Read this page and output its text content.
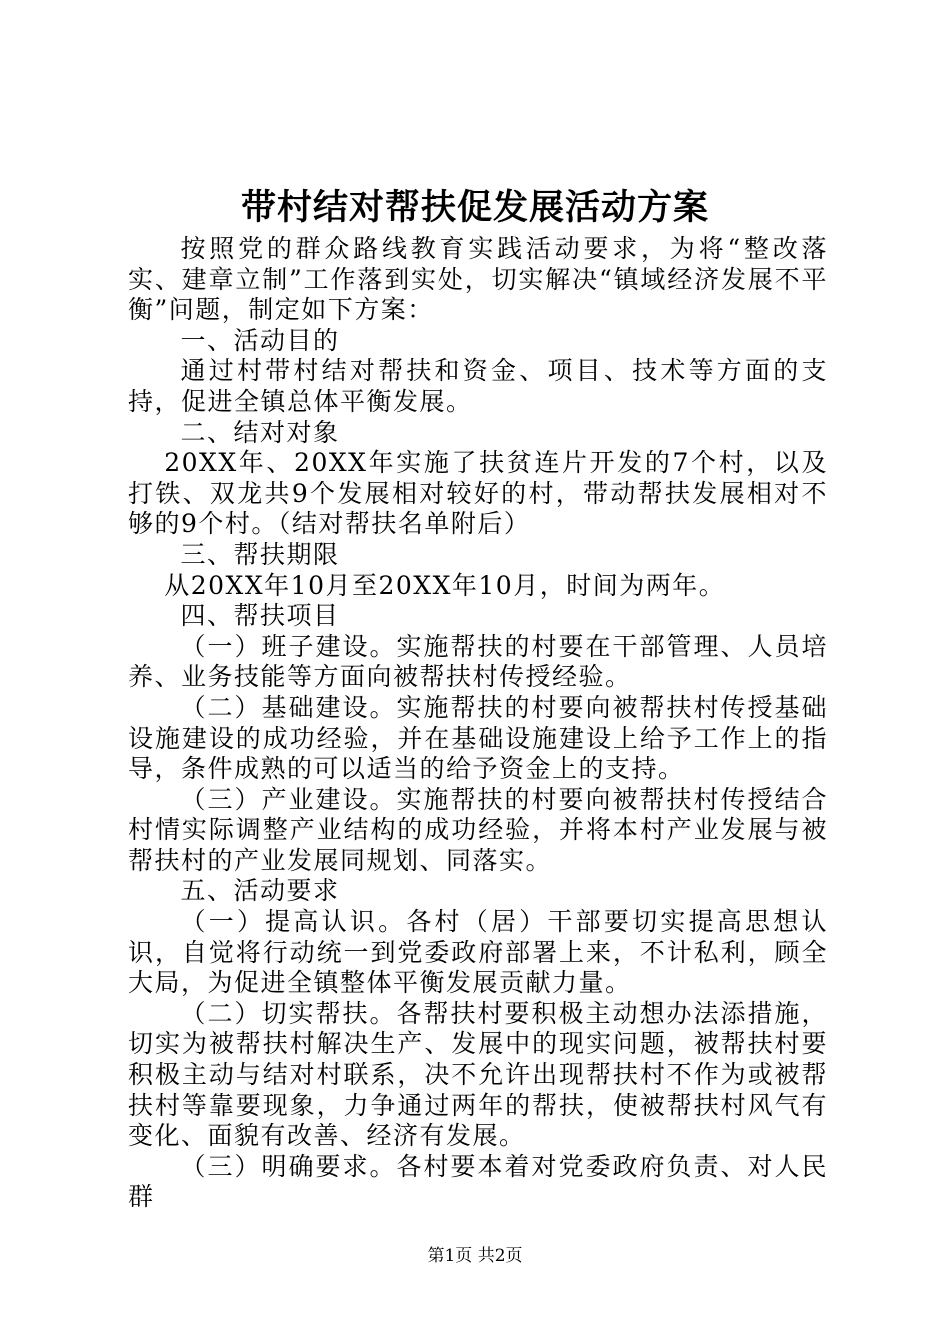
带村结对帮扶促发展活动方案

按照党的群众路线教育实践活动要求，为将“整改落实、建章立制”工作落到实处，切实解决“镇域经济发展不平衡”问题，制定如下方案：

一、活动目的

通过村带村结对帮扶和资金、项目、技术等方面的支持，促进全镇总体平衡发展。

二、结对对象

20XX年、20XX年实施了扶贫连片开发的7个村，以及打铁、双龙共9个发展相对较好的村，带动帮扶发展相对不够的9个村。（结对帮扶名单附后）

三、帮扶期限

从20XX年10月至20XX年10月，时间为两年。

四、帮扶项目

（一）班子建设。实施帮扶的村要在干部管理、人员培养、业务技能等方面向被帮扶村传授经验。

（二）基础建设。实施帮扶的村要向被帮扶村传授基础设施建设的成功经验，并在基础设施建设上给予工作上的指导，条件成熟的可以适当的给予资金上的支持。

（三）产业建设。实施帮扶的村要向被帮扶村传授结合村情实际调整产业结构的成功经验，并将本村产业发展与被帮扶村的产业发展同规划、同落实。

五、活动要求

（一）提高认识。各村（居）干部要切实提高思想认识，自觉将行动统一到党委政府部署上来，不计私利，顾全大局，为促进全镇整体平衡发展贡献力量。

（二）切实帮扶。各帮扶村要积极主动想办法添措施，切实为被帮扶村解决生产、发展中的现实问题，被帮扶村要积极主动与结对村联系，决不允许出现帮扶村不作为或被帮扶村等靠要现象，力争通过两年的帮扶，使被帮扶村风气有变化、面貌有改善、经济有发展。

（三）明确要求。各村要本着对党委政府负责、对人民群

第1页 共2页
